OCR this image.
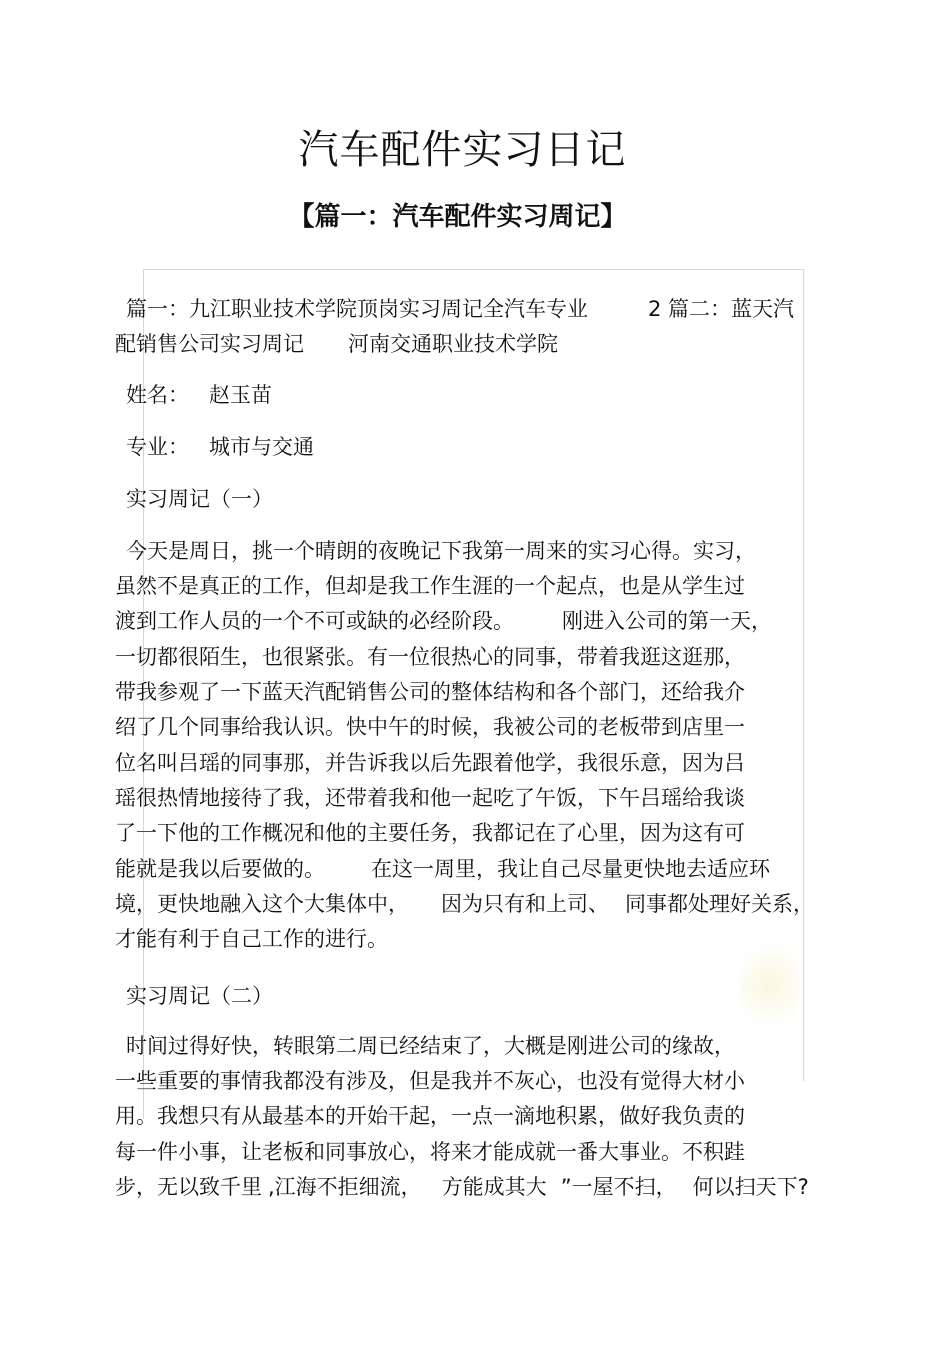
汽车配件实习日记
【篇一：汽车配件实习周记】
篇一：九江职业技术学院顶岗实习周记全汽车专业	2 篇二：蓝天汽
配销售公司实习周记 河南交通职业技术学院
姓名： 赵玉苗
专业： 城市与交通
实习周记（一）
今天是周日，挑一个晴朗的夜晚记下我第一周来的实习心得。实习，
虽然不是真正的工作，但却是我工作生涯的一个起点，也是从学生过
渡到工作人员的一个不可或缺的必经阶段。 刚进入公司的第一天，
一切都很陌生，也很紧张。有一位很热心的同事，带着我逛这逛那，
带我参观了一下蓝天汽配销售公司的整体结构和各个部门，还给我介
绍了几个同事给我认识。快中午的时候，我被公司的老板带到店里一
位名叫吕瑶的同事那，并告诉我以后先跟着他学，我很乐意，因为吕
瑶很热情地接待了我，还带着我和他一起吃了午饭，下午吕瑶给我谈
了一下他的工作概况和他的主要任务，我都记在了心里，因为这有可
能就是我以后要做的。 在这一周里，我让自己尽量更快地去适应环
境，更快地融入这个大集体中， 因为只有和上司、 同事都处理好关系，
才能有利于自己工作的进行。
实习周记（二）
时间过得好快，转眼第二周已经结束了，大概是刚进公司的缘故，
一些重要的事情我都没有涉及，但是我并不灰心，也没有觉得大材小
用。我想只有从最基本的开始干起，一点一滴地积累，做好我负责的
每一件小事，让老板和同事放心，将来才能成就一番大事业。不积跬
步，无以致千里 ,江海不拒细流， 方能成其大 ”一屋不扫， 何以扫天下?
